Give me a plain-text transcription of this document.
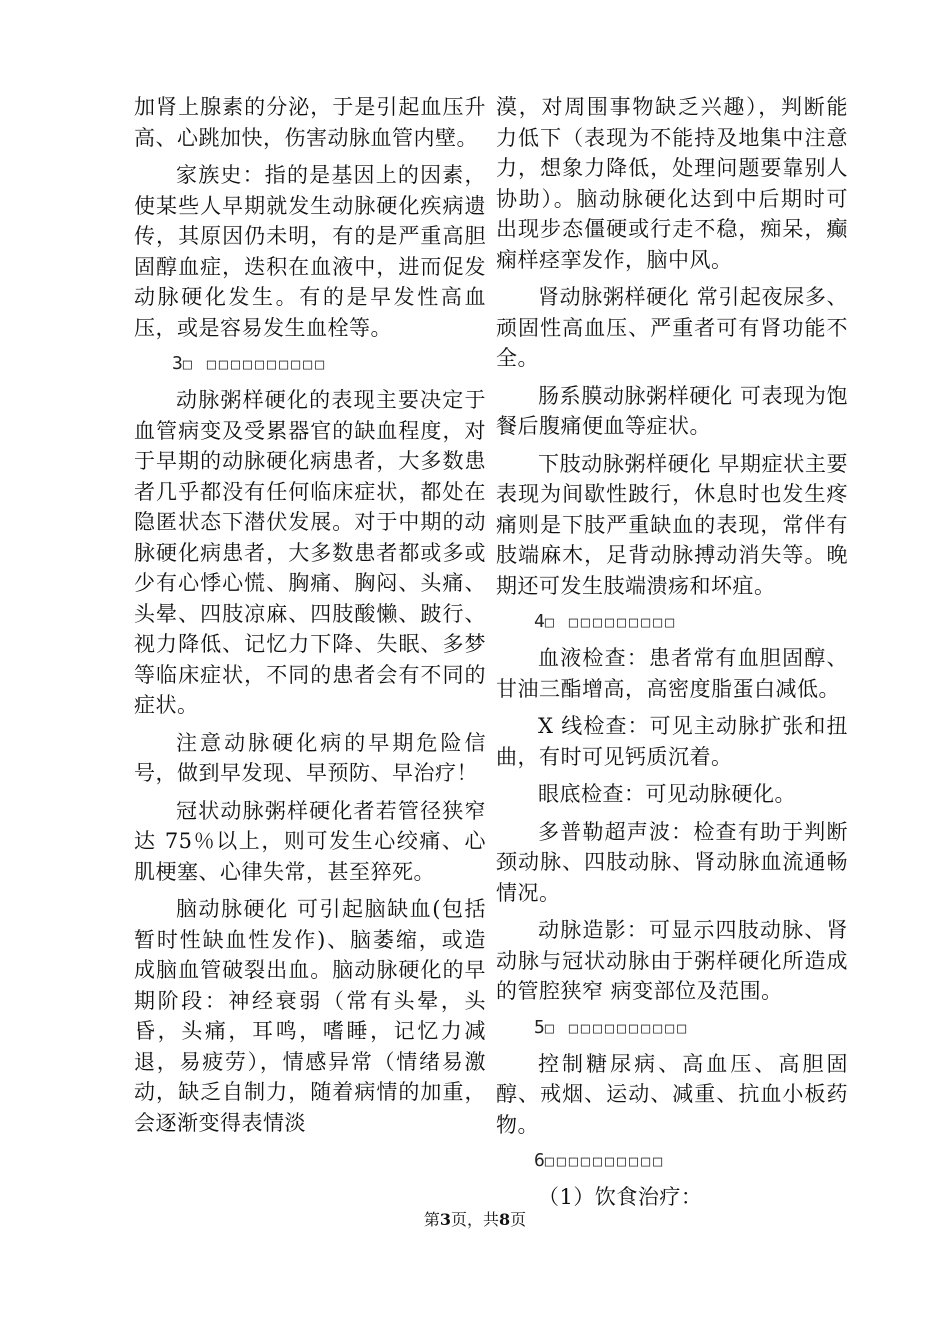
加肾上腺素的分泌，于是引起血压升高、心跳加快，伤害动脉血管内壁。

家族史：指的是基因上的因素，使某些人早期就发生动脉硬化疾病遗传，其原因仍未明，有的是严重高胆固醇血症，迭积在血液中，进而促发动脉硬化发生。有的是早发性高血压，或是容易发生血栓等。

3□ □□□□□□□□□□

动脉粥样硬化的表现主要决定于血管病变及受累器官的缺血程度，对于早期的动脉硬化病患者，大多数患者几乎都没有任何临床症状，都处在隐匿状态下潜伏发展。对于中期的动脉硬化病患者，大多数患者都或多或少有心悸心慌、胸痛、胸闷、头痛、头晕、四肢凉麻、四肢酸懒、跛行、视力降低、记忆力下降、失眠、多梦等临床症状，不同的患者会有不同的症状。

注意动脉硬化病的早期危险信号，做到早发现、早预防、早治疗！

冠状动脉粥样硬化者若管径狭窄达 75％以上，则可发生心绞痛、心肌梗塞、心律失常，甚至猝死。

脑动脉硬化 可引起脑缺血(包括暂时性缺血性发作)、脑萎缩，或造成脑血管破裂出血。脑动脉硬化的早期阶段：神经衰弱（常有头晕，头昏，头痛，耳鸣，嗜睡，记忆力减退，易疲劳），情感异常（情绪易激动，缺乏自制力，随着病情的加重，会逐渐变得表情淡

漠，对周围事物缺乏兴趣），判断能力低下（表现为不能持及地集中注意力，想象力降低，处理问题要靠别人协助）。脑动脉硬化达到中后期时可出现步态僵硬或行走不稳，痴呆，癫痫样痉挛发作，脑中风。

肾动脉粥样硬化 常引起夜尿多、顽固性高血压、严重者可有肾功能不全。

肠系膜动脉粥样硬化 可表现为饱餐后腹痛便血等症状。

下肢动脉粥样硬化 早期症状主要表现为间歇性跛行，休息时也发生疼痛则是下肢严重缺血的表现，常伴有肢端麻木，足背动脉搏动消失等。晚期还可发生肢端溃疡和坏疽。

4□ □□□□□□□□□

血液检查：患者常有血胆固醇、甘油三酯增高，高密度脂蛋白减低。

X 线检查：可见主动脉扩张和扭曲，有时可见钙质沉着。

眼底检查：可见动脉硬化。

多普勒超声波：检查有助于判断颈动脉、四肢动脉、肾动脉血流通畅情况。

动脉造影：可显示四肢动脉、肾动脉与冠状动脉由于粥样硬化所造成的管腔狭窄 病变部位及范围。

5□ □□□□□□□□□□

控制糖尿病、高血压、高胆固醇、戒烟、运动、减重、抗血小板药物。

6□□□□□□□□□□

（1）饮食治疗：

第3页，共8页
